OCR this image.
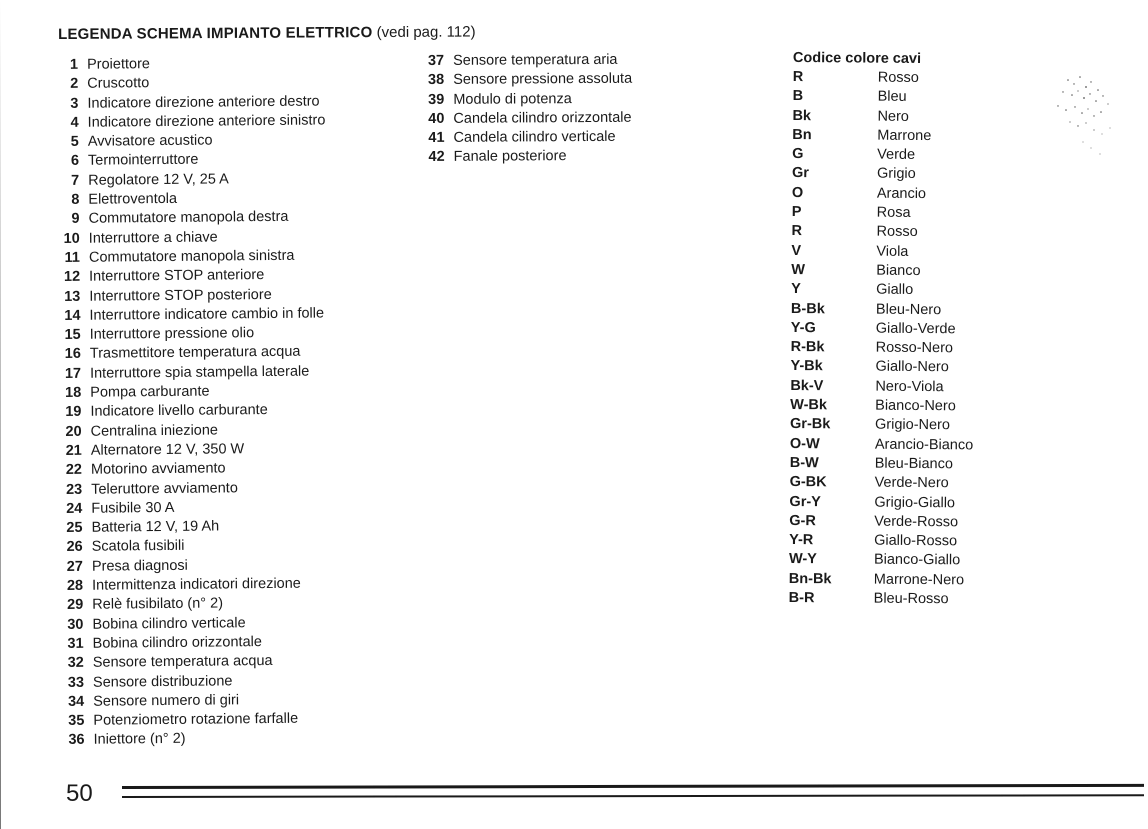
LEGENDA SCHEMA IMPIANTO ELETTRICO (vedi pag. 112)
1 Proiettore
2 Cruscotto
3 Indicatore direzione anteriore destro
4 Indicatore direzione anteriore sinistro
5 Avvisatore acustico
6 Termointerruttore
7 Regolatore 12 V, 25 A
8 Elettroventola
9 Commutatore manopola destra
10 Interruttore a chiave
11 Commutatore manopola sinistra
12 Interruttore STOP anteriore
13 Interruttore STOP posteriore
14 Interruttore indicatore cambio in folle
15 Interruttore pressione olio
16 Trasmettitore temperatura acqua
17 Interruttore spia stampella laterale
18 Pompa carburante
19 Indicatore livello carburante
20 Centralina iniezione
21 Alternatore 12 V, 350 W
22 Motorino avviamento
23 Teleruttore avviamento
24 Fusibile 30 A
25 Batteria 12 V, 19 Ah
26 Scatola fusibili
27 Presa diagnosi
28 Intermittenza indicatori direzione
29 Relè fusibilato (n° 2)
30 Bobina cilindro verticale
31 Bobina cilindro orizzontale
32 Sensore temperatura acqua
33 Sensore distribuzione
34 Sensore numero di giri
35 Potenziometro rotazione farfalle
36 Iniettore (n° 2)
37 Sensore temperatura aria
38 Sensore pressione assoluta
39 Modulo di potenza
40 Candela cilindro orizzontale
41 Candela cilindro verticale
42 Fanale posteriore
Codice colore cavi
R	Rosso
B	Bleu
Bk	Nero
Bn	Marrone
G	Verde
Gr	Grigio
O	Arancio
P	Rosa
R	Rosso
V	Viola
W	Bianco
Y	Giallo
B-Bk	Bleu-Nero
Y-G	Giallo-Verde
R-Bk	Rosso-Nero
Y-Bk	Giallo-Nero
Bk-V	Nero-Viola
W-Bk	Bianco-Nero
Gr-Bk	Grigio-Nero
O-W	Arancio-Bianco
B-W	Bleu-Bianco
G-BK	Verde-Nero
Gr-Y	Grigio-Giallo
G-R	Verde-Rosso
Y-R	Giallo-Rosso
W-Y	Bianco-Giallo
Bn-Bk	Marrone-Nero
B-R	Bleu-Rosso
50
